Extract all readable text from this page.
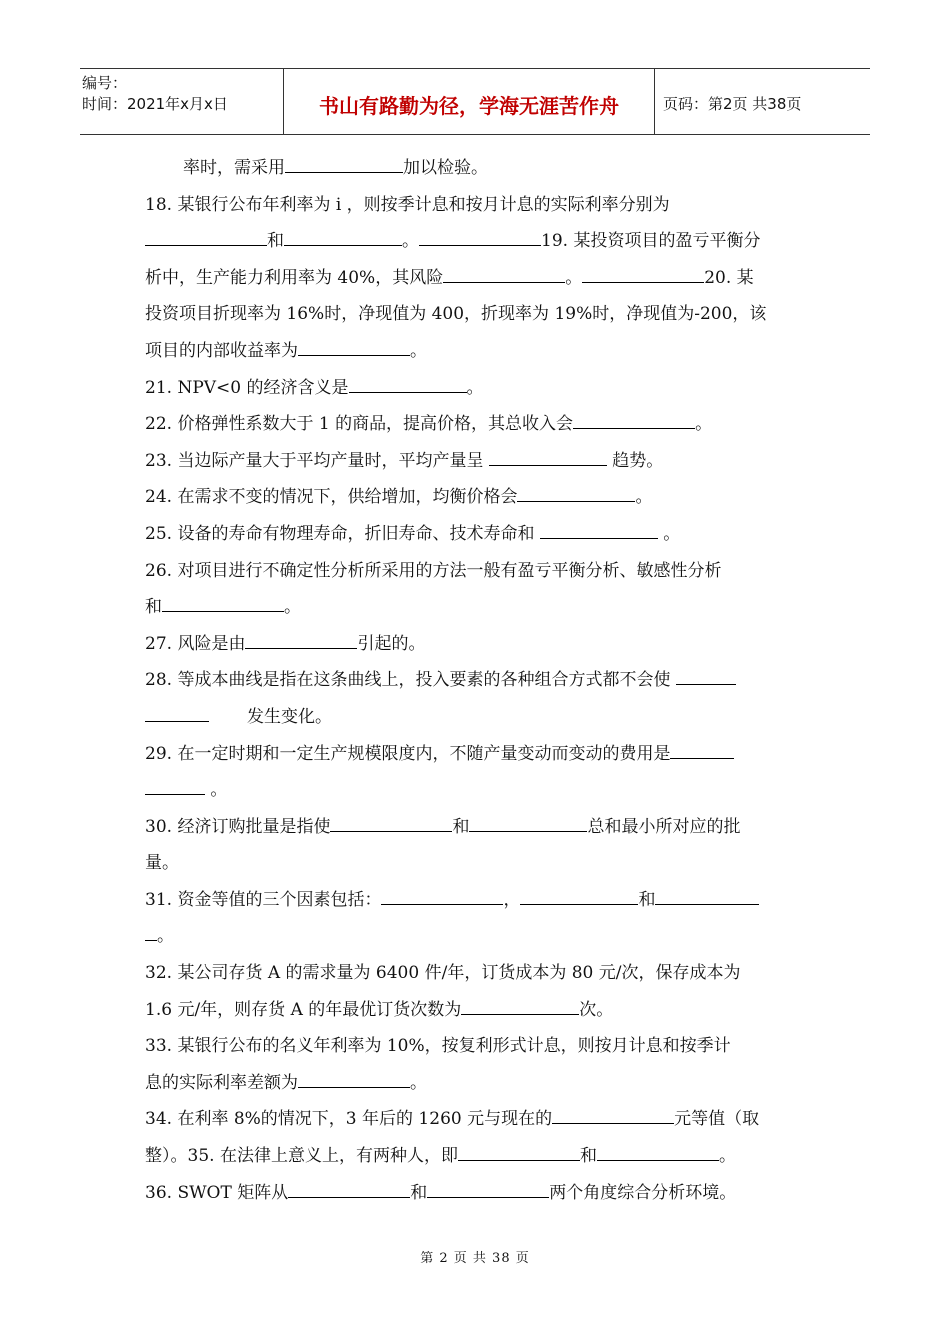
编号：
时间：2021年x月x日	书山有路勤为径，学海无涯苦作舟	页码：第2页 共38页
率时，需采用	加以检验。
18. 某银行公布年利率为 i ，则按季计息和按月计息的实际利率分别为
和	。	19. 某投资项目的盈亏平衡分
析中，生产能力利用率为 40%，其风险	。	20. 某
投资项目折现率为 16%时，净现值为 400，折现率为 19%时，净现值为-200，该
项目的内部收益率为	。
21. NPV<0 的经济含义是	。
22. 价格弹性系数大于 1 的商品，提高价格，其总收入会	。
23. 当边际产量大于平均产量时，平均产量呈	趋势。
24. 在需求不变的情况下，供给增加，均衡价格会	。
25. 设备的寿命有物理寿命，折旧寿命、技术寿命和	。
26. 对项目进行不确定性分析所采用的方法一般有盈亏平衡分析、敏感性分析
和	。
27. 风险是由	引起的。
28. 等成本曲线是指在这条曲线上，投入要素的各种组合方式都不会使
发生变化。
29. 在一定时期和一定生产规模限度内，不随产量变动而变动的费用是
。
30. 经济订购批量是指使	和	总和最小所对应的批
量。
31. 资金等值的三个因素包括：	，	和
。
32. 某公司存货 A 的需求量为 6400 件/年，订货成本为 80 元/次，保存成本为
1.6 元/年，则存货 A 的年最优订货次数为	次。
33. 某银行公布的名义年利率为 10%，按复利形式计息，则按月计息和按季计
息的实际利率差额为	。
34. 在利率 8%的情况下，3 年后的 1260 元与现在的	元等值（取
整）。35. 在法律上意义上，有两种人，即	和	。
36. SWOT 矩阵从	和	两个角度综合分析环境。
第 2 页 共 38 页
